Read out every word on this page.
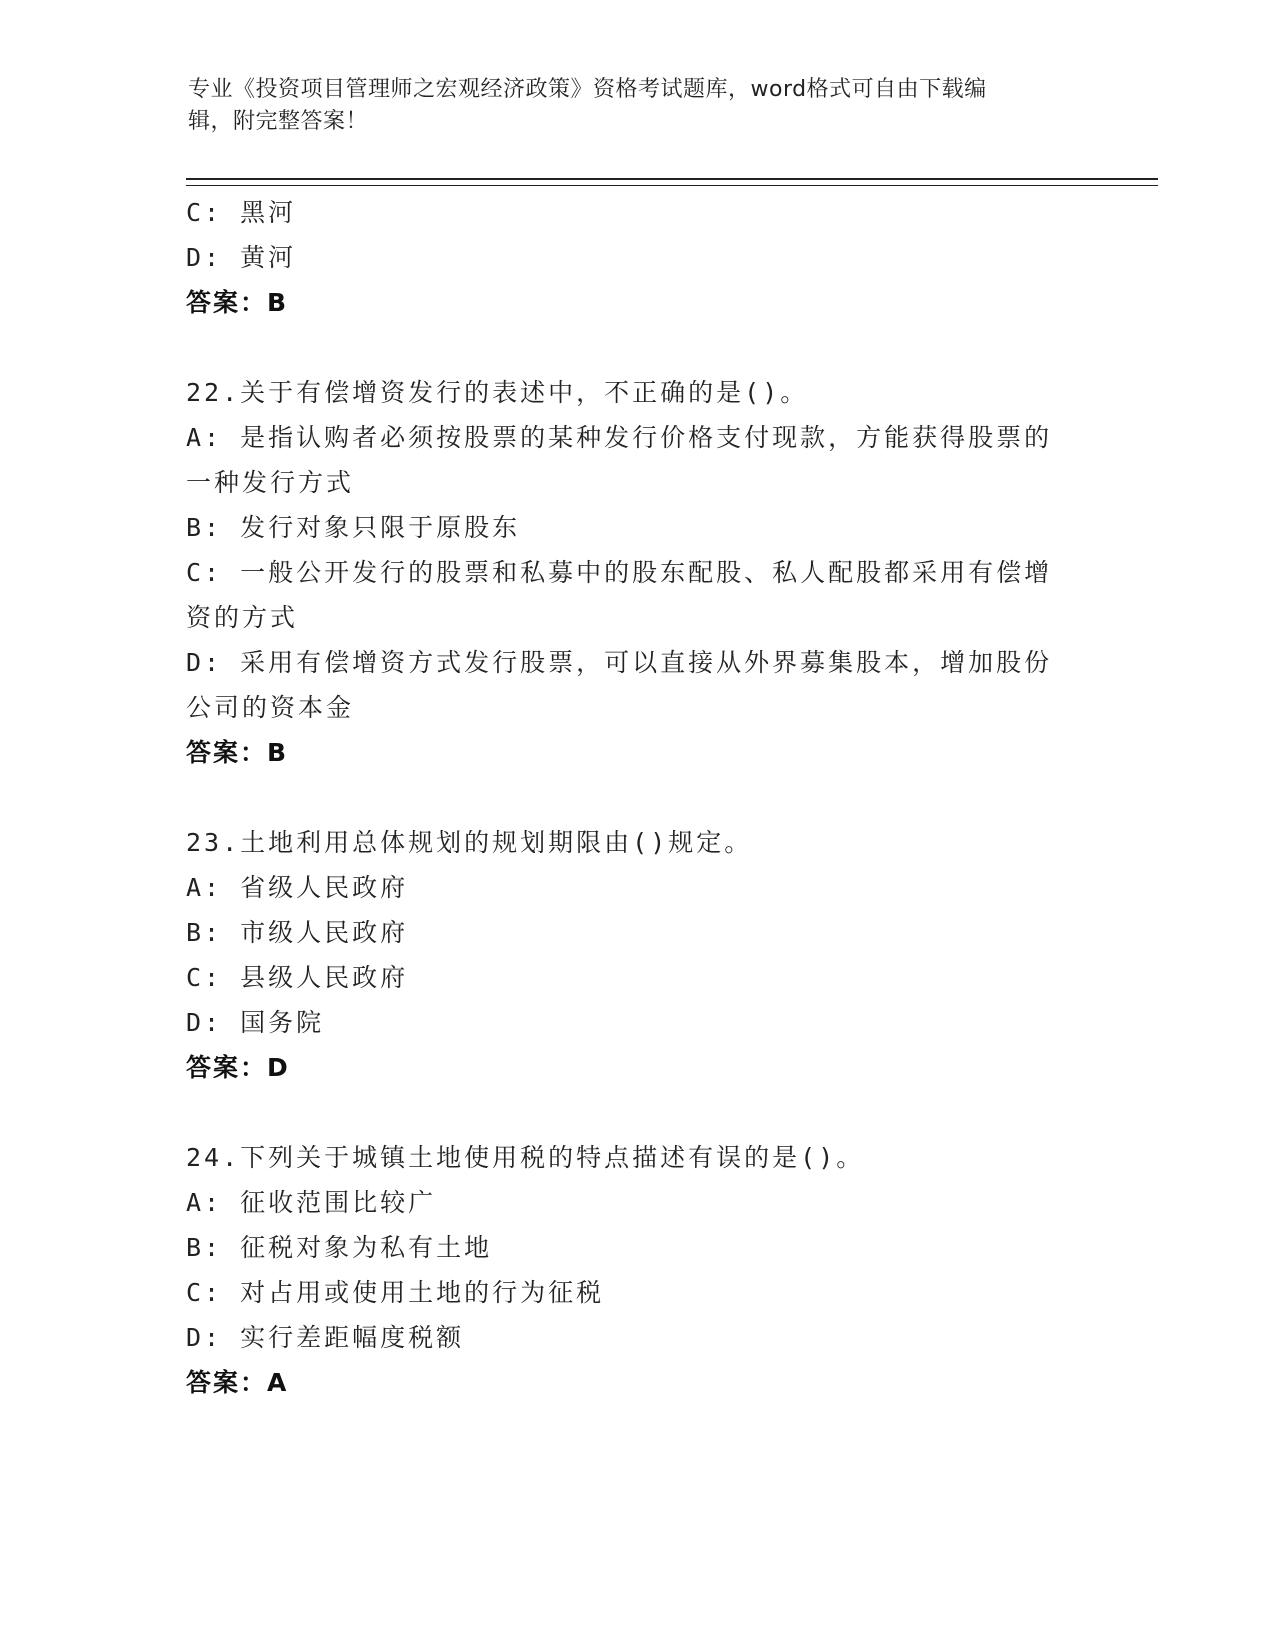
专业《投资项目管理师之宏观经济政策》资格考试题库，word格式可自由下载编
辑，附完整答案！
C: 黑河
D: 黄河
答案：B
22.关于有偿增资发行的表述中，不正确的是()。
A: 是指认购者必须按股票的某种发行价格支付现款，方能获得股票的
一种发行方式
B: 发行对象只限于原股东
C: 一般公开发行的股票和私募中的股东配股、私人配股都采用有偿增
资的方式
D: 采用有偿增资方式发行股票，可以直接从外界募集股本，增加股份
公司的资本金
答案：B
23.土地利用总体规划的规划期限由()规定。
A: 省级人民政府
B: 市级人民政府
C: 县级人民政府
D: 国务院
答案：D
24.下列关于城镇土地使用税的特点描述有误的是()。
A: 征收范围比较广
B: 征税对象为私有土地
C: 对占用或使用土地的行为征税
D: 实行差距幅度税额
答案：A
